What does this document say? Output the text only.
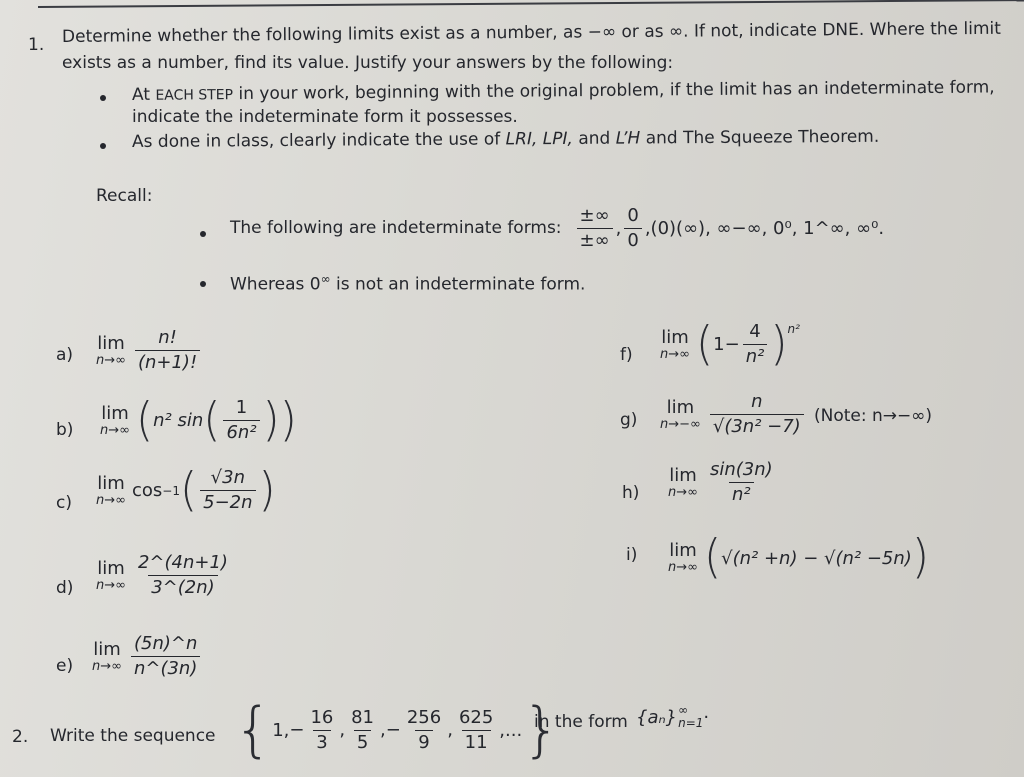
1. Determine whether the following limits exist as a number, as −∞ or as ∞. If not, indicate DNE. Where the limit
exists as a number, find its value. Justify your answers by the following:
At EACH STEP in your work, beginning with the original problem, if the limit has an indeterminate form,
indicate the indeterminate form it possesses.
As done in class, clearly indicate the use of LRI, LPI, and L’H and The Squeeze Theorem.
Recall:
The following are indeterminate forms: $\frac{\pm\infty}{\pm\infty}$ , $\frac{0}{0}$ , (0)(∞), ∞−∞, 0⁰, 1^∞, ∞⁰.
Whereas 0∞ is not an indeterminate form.
a)
lim
$n\to\infty \frac{n!}{(n+1)!}$
b)
lim
n→∞ ( n² sin ( $\frac{1}{\text{6n²}}$ ))
c)
lim
n→∞ cos −1 ( $\frac{√3n}{5-2n}$ )
d)
lim
$n\to\infty \frac{2\^{}(4n+1)}{3\^{}(2n)}$
e)
lim
$n\to\infty \frac{(5n)\^{}n}{n\^{}(3n)}$
f)
lim
n→∞ ( $1- \frac{4}{\text{n²}} )^{n^2}$
g)
lim
$n\to-\infty \frac{n}{\text{√(3n² −7)}}$ (Note: n→−∞)
h)
lim
$n\to\infty \frac{\sin(3n)}{\text{n²}}$
i) lim
n→∞ ( √(n² +n) − √(n² −5n) )
2. Write the sequence { 1, − $\frac{16}{3}$ , $\frac{81}{5}$ , − $\frac{256}{9}$ , $\frac{625}{11}$ ,... }
in the form {aₙ} ∞
n=1 ·
